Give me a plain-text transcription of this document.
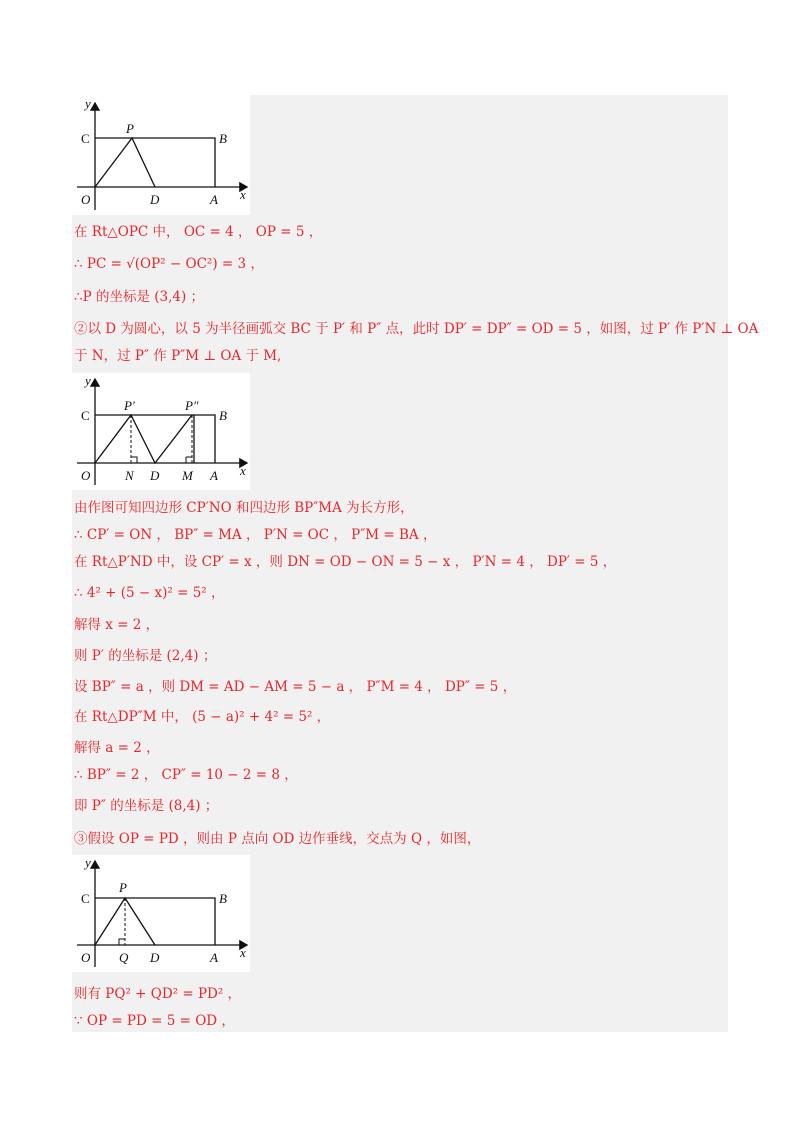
y
x
O
C
P
B
D	A
在 Rt△OPC 中， OC = 4 ， OP = 5 ，
∴ PC = √(OP² − OC²) = 3 ，
∴P 的坐标是 (3,4) ；
②以 D 为圆心，以 5 为半径画弧交 BC 于 P′ 和 P″ 点，此时 DP′ = DP″ = OD = 5 ，如图，过 P′ 作 P′N ⊥ OA
于 N，过 P″ 作 P″M ⊥ OA 于 M,
y
x
O
C
P′	P″
B
N D M A
由作图可知四边形 CP′NO 和四边形 BP″MA 为长方形，
∴ CP′ = ON ， BP″ = MA ， P′N = OC ， P″M = BA ，
在 Rt△P′ND 中，设 CP′ = x ，则 DN = OD − ON = 5 − x ， P′N = 4 ， DP′ = 5 ，
∴ 4² + (5 − x)² = 5² ，
解得 x = 2 ，
则 P′ 的坐标是 (2,4) ；
设 BP″ = a ，则 DM = AD − AM = 5 − a ， P″M = 4 ， DP″ = 5 ，
在 Rt△DP″M 中， (5 − a)² + 4² = 5² ，
解得 a = 2 ，
∴ BP″ = 2 ， CP″ = 10 − 2 = 8 ，
即 P″ 的坐标是 (8,4) ；
③假设 OP = PD ，则由 P 点向 OD 边作垂线，交点为 Q ，如图，
y
x
O
C
P
B
Q D	A
则有 PQ² + QD² = PD² ，
∵ OP = PD = 5 = OD ，
